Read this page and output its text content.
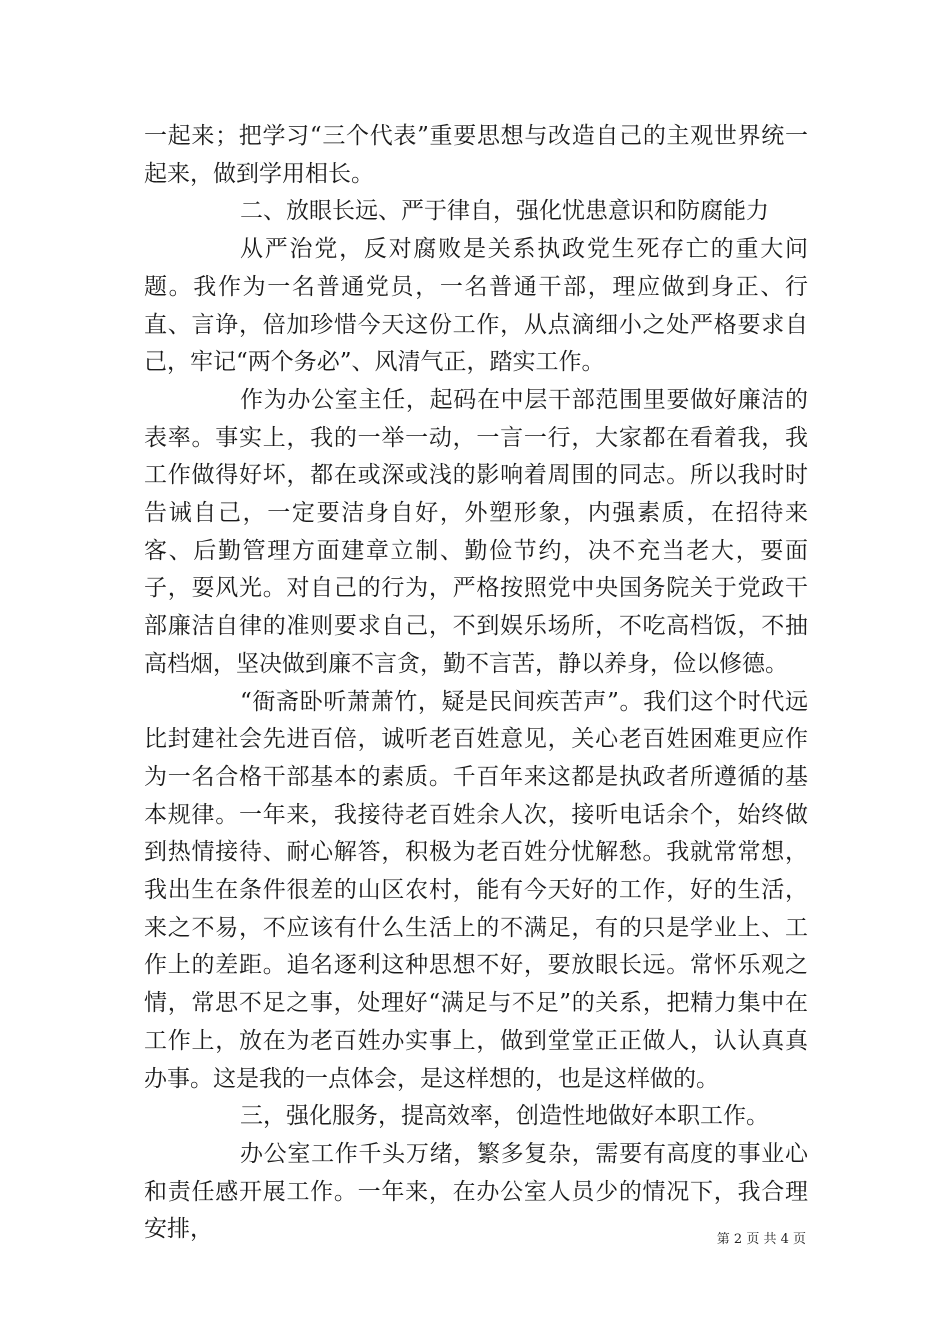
一起来；把学习“三个代表”重要思想与改造自己的主观世界统一起来，做到学用相长。

二、放眼长远、严于律自，强化忧患意识和防腐能力

从严治党，反对腐败是关系执政党生死存亡的重大问题。我作为一名普通党员，一名普通干部，理应做到身正、行直、言诤，倍加珍惜今天这份工作，从点滴细小之处严格要求自己，牢记“两个务必”、风清气正，踏实工作。

作为办公室主任，起码在中层干部范围里要做好廉洁的表率。事实上，我的一举一动，一言一行，大家都在看着我，我工作做得好坏，都在或深或浅的影响着周围的同志。所以我时时告诫自己，一定要洁身自好，外塑形象，内强素质，在招待来客、后勤管理方面建章立制、勤俭节约，决不充当老大，要面子，耍风光。对自己的行为，严格按照党中央国务院关于党政干部廉洁自律的准则要求自己，不到娱乐场所，不吃高档饭，不抽高档烟，坚决做到廉不言贪，勤不言苦，静以养身，俭以修德。

“衙斋卧听萧萧竹，疑是民间疾苦声”。我们这个时代远比封建社会先进百倍，诚听老百姓意见，关心老百姓困难更应作为一名合格干部基本的素质。千百年来这都是执政者所遵循的基本规律。一年来，我接待老百姓余人次，接听电话余个，始终做到热情接待、耐心解答，积极为老百姓分忧解愁。我就常常想，我出生在条件很差的山区农村，能有今天好的工作，好的生活，来之不易，不应该有什么生活上的不满足，有的只是学业上、工作上的差距。追名逐利这种思想不好，要放眼长远。常怀乐观之情，常思不足之事，处理好“满足与不足”的关系，把精力集中在工作上，放在为老百姓办实事上，做到堂堂正正做人，认认真真办事。这是我的一点体会，是这样想的，也是这样做的。

三，强化服务，提高效率，创造性地做好本职工作。

办公室工作千头万绪，繁多复杂，需要有高度的事业心和责任感开展工作。一年来，在办公室人员少的情况下，我合理安排，	第 2 页 共 4 页
